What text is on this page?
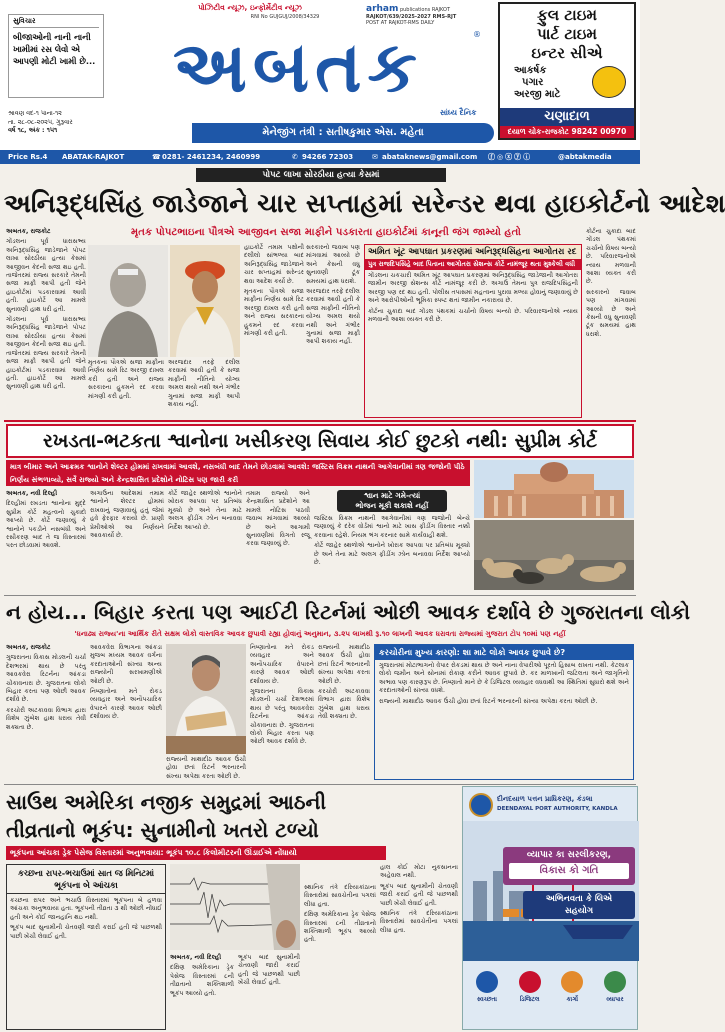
સુવિચાર
બીજાઓની નાની નાની ખામીમાં રસ લેવો એ આપણી મોટી ખામી છે...
શ્રાવણ વદ-૧ પાના-૧૨
તા. ૨૮-૦૮-૨૦૨૫, ગુરૂવાર
વર્ષ ૧૮, અંક : ૧૫૧
પોઝિટીવ ન્યૂઝ, ઇન્ફોર્મેટીવ ન્યૂઝ
RNI No GUJGUJ/2008/34329
અબતક	®
સાંધ્ય દૈનિક
arham publications RAJKOT
RAJKOT/639/2025-2027 RMS-RJT
POST AT RAJKOT-RMS DAILY
મેનેજીંગ તંત્રી : સતીષકુમાર એસ. મહેતા
ફુલ ટાઇમ
પાર્ટ ટાઇમ
ઇન્ટર સીએ
આકર્ષક
પગાર
અરજી માટે
ચણાદાળ
દયાળ ચોક-રાજકોટ 98242 00970
Price Rs.4 ABATAK-RAJKOT	☎ 0281- 2461234, 2460999	✆ 94266 72303	✉ abataknews@gmail.com ⓕ◎ⓧⓨⓘ	@abtakmedia
પોપટ લાખા સોરઠીયા હત્યા કેસમાં
અનિરૂદ્ધસિંહ જાડેજાને ચાર સપ્તાહમાં સરેન્ડર થવા હાઇકોર્ટનો આદેશ
મૃતક પોપટભાઇના પૌત્રએ આજીવન સજા માફીને પડકારતા હાઇકોર્ટમાં કાનૂની જંગ જામ્યો હતો

અબતક, રાજકોટ

ગોંડલના પૂર્વ ધારાસભ્ય અનિરૂદ્ધસિંહ જાડેજાને પોપટ લાખા સોરઠીયા હત્યા કેસમાં આજીવન કેદની સજા થઇ હતી. તાજેતરમાં રાજ્ય સરકારે તેમની સજા માફી આપી હતી જેને હાઇકોર્ટમાં પડકારવામાં આવી હતી. હાઇકોર્ટે આ મામલે સુનાવણી હાથ ધરી હતી.

ગોંડલના પૂર્વ ધારાસભ્ય અનિરૂદ્ધસિંહ જાડેજાને પોપટ લાખા સોરઠીયા હત્યા કેસમાં આજીવન કેદની સજા થઇ હતી. તાજેતરમાં રાજ્ય સરકારે તેમની સજા માફી આપી હતી જેને હાઇકોર્ટમાં પડકારવામાં આવી હતી. હાઇકોર્ટે આ મામલે સુનાવણી હાથ ધરી હતી.

મૃતકના પૌત્રએ સજા માફીના નિર્ણય સામે રિટ અરજી દાખલ કરી હતી અને રાજ્ય સરકારના હુકમને રદ કરવા માંગણી કરી હતી.

અરજદાર તરફે દલીલ કરવામાં આવી હતી કે સજા માફીની નીતિનો યોગ્ય અમલ થયો નથી અને ગંભીર ગુનામાં સજા માફી આપી શકાય નહીં.

હાઇકોર્ટે તમામ પક્ષોની દલીલો સાંભળ્યા બાદ અનિરૂદ્ધસિંહ જાડેજાને ચાર સપ્તાહમાં સરેન્ડર થવા આદેશ કર્યો છે.

મૃતકના પૌત્રએ સજા માફીના નિર્ણય સામે રિટ અરજી દાખલ કરી હતી અને રાજ્ય સરકારના હુકમને રદ કરવા માંગણી કરી હતી.

સરકારનો જવાબ પણ માંગવામાં આવ્યો છે અને કેસની વધુ સુનાવણી ટૂંક સમયમાં હાથ ધરાશે.

અરજદાર તરફે દલીલ કરવામાં આવી હતી કે સજા માફીની નીતિનો યોગ્ય અમલ થયો નથી અને ગંભીર ગુનામાં સજા માફી આપી શકાય નહીં.

અમિત ખૂંટ આપઘાત પ્રકરણમાં અનિરૂદ્ધસિંહના આગોતરા રદ
પુત્ર રાજદિપસિંહે બાદ પિતાના આગોતરા સેશન્સ કોર્ટે નામંજૂર થતા મુશ્કેલી વધી

ગોંડલના ચકચારી અમિત ખૂંટ આપઘાત પ્રકરણમાં અનિરૂદ્ધસિંહ જાડેજાની આગોતરા જામીન અરજી સેશન્સ કોર્ટે નામંજૂર કરી છે. અગાઉ તેમના પુત્ર રાજદિપસિંહની અરજી પણ રદ થઇ હતી. પોલીસ તપાસમાં મહત્વના પુરાવા મળ્યા હોવાનું જણાવાયું છે અને આરોપીઓની ભૂમિકા સ્પષ્ટ થતાં જામીન નકારાયા છે.

કોર્ટના ચુકાદા બાદ ગોંડલ પંથકમાં ચર્ચાનો વિષય બન્યો છે. પરિવારજનોએ ન્યાય મળવાની આશા વ્યક્ત કરી છે.

કોર્ટના ચુકાદા બાદ ગોંડલ પંથકમાં ચર્ચાનો વિષય બન્યો છે. પરિવારજનોએ ન્યાય મળવાની આશા વ્યક્ત કરી છે.

સરકારનો જવાબ પણ માંગવામાં આવ્યો છે અને કેસની વધુ સુનાવણી ટૂંક સમયમાં હાથ ધરાશે.

રખડતા-ભટકતા શ્વાનોના ખસીકરણ સિવાય કોઈ છુટકો નથી: સુપ્રીમ કોર્ટ
માત્ર બીમાર અને આક્રમક શ્વાનોને શેલ્ટર હોમમાં રાખવામાં આવશે, નસબંધી બાદ તેમને છોડવામાં આવશે: જસ્ટિસ વિક્રમ નાથની આગેવાનીમાં ત્રણ જજોની પીઠે નિર્ણય સંભળાવ્યો, સર્વે રાજ્યો અને કેન્દ્રશાસિત પ્રદેશોને નોટિસ પણ જારી કરી

અબતક, નવી દિલ્હી

દિલ્હીમાં રખડતા શ્વાનોના મુદ્દે સુપ્રીમ કોર્ટે મહત્વનો ચુકાદો આપ્યો છે. કોર્ટે જણાવ્યું કે શ્વાનોને પકડીને નસબંધી અને રસીકરણ બાદ તે જ વિસ્તારમાં પરત છોડવામાં આવશે.

અગાઉના આદેશમાં તમામ શ્વાનોને શેલ્ટર હોમમાં રાખવાનું જણાવાયું હતું જેમાં હવે ફેરફાર કરાયો છે. પ્રાણી પ્રેમીઓએ આ નિર્ણયને આવકાર્યો છે.

કોર્ટે જાહેર સ્થળોએ શ્વાનોને ખોરાક આપવા પર પ્રતિબંધ મૂક્યો છે અને તેના માટે અલગ ફીડીંગ ઝોન બનાવવા નિર્દેશ આપ્યો છે.

તમામ રાજ્યો અને કેન્દ્રશાસિત પ્રદેશોને આ મામલે નોટિસ પાઠવી જવાબ માંગવામાં આવ્યો છે અને આગામી સુનાવણીમાં વિગતો રજૂ કરવા જણાવ્યું છે.

શ્વાન માટે ગમે-ત્યાં
ભોજન મૂકી શકાશે નહીં

જસ્ટિસ વિક્રમ નાથની આગેવાનીમાં ત્રણ જજોની બેન્ચે જણાવ્યું કે દરેક વોર્ડમાં શ્વાનો માટે ખાસ ફીડીંગ વિસ્તાર નક્કી કરવાના રહેશે. નિયમ ભંગ કરનાર સામે કાર્યવાહી થશે.

કોર્ટે જાહેર સ્થળોએ શ્વાનોને ખોરાક આપવા પર પ્રતિબંધ મૂક્યો છે અને તેના માટે અલગ ફીડીંગ ઝોન બનાવવા નિર્દેશ આપ્યો છે.

ન હોય... બિહાર કરતા પણ આઈટી રિટર્નમાં ઓછી આવક દર્શાવે છે ગુજરાતના લોકો
'ધનાઢ્ય રાજ્ય'ના આર્થિક રીતે સક્ષમ લોકો વાસ્તવિક આવક છુપાવી રહ્યા હોવાનું અનુમાન, ૩.૨૫ લાખથી રૂ.૧૦ લાખની આવક ધરાવતા રાજ્યમાં ગુજરાત ટોપ ૧૦માં પણ નહીં

અબતક, રાજકોટ

ગુજરાતના વિકાસ મોડલની ચર્ચા દેશભરમાં થાય છે પરંતુ આવકવેરા રિટર્નના આંકડા ચોંકાવનારા છે. ગુજરાતના લોકો બિહાર કરતા પણ ઓછી આવક દર્શાવે છે.

કરચોરી અટકાવવા વિભાગ દ્વારા વિશેષ ઝુંબેશ હાથ ધરાય તેવી શક્યતા છે.

આવકવેરા વિભાગના આંકડા મુજબ મધ્યમ આવક વર્ગના કરદાતાઓની સંખ્યા અન્ય રાજ્યોની સરખામણીએ ઓછી છે.

નિષ્ણાતોના મતે રોકડ વ્યવહાર અને અનૌપચારિક વેપારને કારણે આવક ઓછી દર્શાવાય છે.

રાજ્યની માથાદીઠ આવક ઉંચી હોવા છતાં રિટર્ન ભરનારની સંખ્યા અપેક્ષા કરતા ઓછી છે.

નિષ્ણાતોના મતે રોકડ વ્યવહાર અને અનૌપચારિક વેપારને કારણે આવક ઓછી દર્શાવાય છે.

ગુજરાતના વિકાસ મોડલની ચર્ચા દેશભરમાં થાય છે પરંતુ આવકવેરા રિટર્નના આંકડા ચોંકાવનારા છે. ગુજરાતના લોકો બિહાર કરતા પણ ઓછી આવક દર્શાવે છે.

રાજ્યની માથાદીઠ આવક ઉંચી હોવા છતાં રિટર્ન ભરનારની સંખ્યા અપેક્ષા કરતા ઓછી છે.

કરચોરી અટકાવવા વિભાગ દ્વારા વિશેષ ઝુંબેશ હાથ ધરાય તેવી શક્યતા છે.

કરચોરીના મુખ્ય કારણો: શા માટે લોકો આવક છુપાવે છે?

ગુજરાતમાં મોટાભાગનો વેપાર રોકડમાં થાય છે અને નાના વેપારીઓ પૂરતો હિસાબ રાખતા નથી. કેટલાક લોકો જમીન અને સોનામાં રોકાણ કરીને આવક છુપાવે છે. કર માળખાની જટિલતા અને જાગૃતિનો અભાવ પણ કારણરૂપ છે. નિષ્ણાતો માને છે કે ડિજિટલ વ્યવહાર વધવાથી આ સ્થિતિમાં સુધારો થશે અને કરદાતાઓની સંખ્યા વધશે.

રાજ્યની માથાદીઠ આવક ઉંચી હોવા છતાં રિટર્ન ભરનારની સંખ્યા અપેક્ષા કરતા ઓછી છે.

સાઉથ અમેરિકા નજીક સમુદ્રમાં આઠની
તીવ્રતાનો ભૂકંપ: સુનામીનો ખતરો ટળ્યો
ભૂકંપના આંચકા ડ્રેક પેસેજ વિસ્તારમાં અનુભવાયા: ભૂકંપ ૧૦.૮ કિલોમીટરની ઊંડાઈએ નોંધાયો
કચ્છના રાપર-ભચાઉમાં સાત જ મિનિટમાં ભૂકંપના બે આંચકા

કચ્છના રાપર અને ભચાઉ વિસ્તારમાં ભૂકંપના બે હળવા આંચકા અનુભવાયા હતા. ભૂકંપની તીવ્રતા ૩ થી ઓછી નોંધાઈ હતી અને કોઈ જાનહાનિ થઇ નથી.

ભૂકંપ બાદ સુનામીની ચેતવણી જારી કરાઈ હતી જે પાછળથી પાછી ખેંચી લેવાઈ હતી.

અબતક, નવી દિલ્હી

દક્ષિણ અમેરિકાના ડ્રેક પેસેજ વિસ્તારમાં ૮ની તીવ્રતાનો શક્તિશાળી ભૂકંપ આવ્યો હતો.

ભૂકંપ બાદ સુનામીની ચેતવણી જારી કરાઈ હતી જે પાછળથી પાછી ખેંચી લેવાઈ હતી.

સ્થાનિક તંત્રે દરિયાકાંઠાના વિસ્તારોમાં સાવચેતીના પગલાં લીધા હતા.

દક્ષિણ અમેરિકાના ડ્રેક પેસેજ વિસ્તારમાં ૮ની તીવ્રતાનો શક્તિશાળી ભૂકંપ આવ્યો હતો.

હાલ કોઈ મોટા નુકસાનના અહેવાલ નથી.

ભૂકંપ બાદ સુનામીની ચેતવણી જારી કરાઈ હતી જે પાછળથી પાછી ખેંચી લેવાઈ હતી.

સ્થાનિક તંત્રે દરિયાકાંઠાના વિસ્તારોમાં સાવચેતીના પગલાં લીધા હતા.

દીનદયાળ પત્તન પ્રાધિકરણ, કંડલા
DEENDAYAL PORT AUTHORITY, KANDLA
વ્યાપાર કા સરલીકરણ,
વિકાસ કો ગતિ
અભિનવતા કે લિએ
સહયોગ
સ્વચ્છતા	ડિજિટલ	કાર્ગો	વ્યાપાર
